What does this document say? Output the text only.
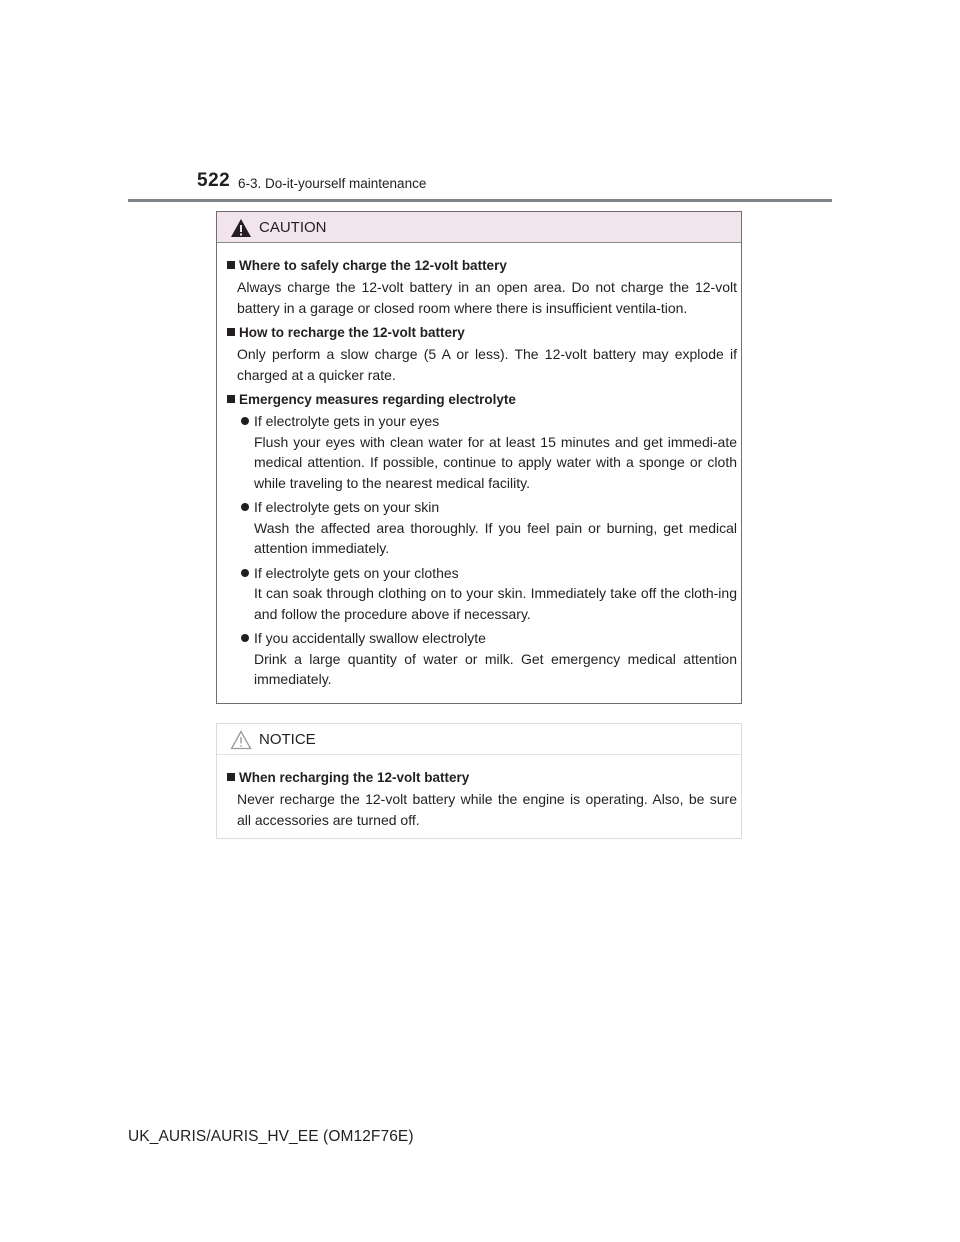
522 6-3. Do-it-yourself maintenance
CAUTION
Where to safely charge the 12-volt battery
Always charge the 12-volt battery in an open area. Do not charge the 12-volt battery in a garage or closed room where there is insufficient ventila-tion.
How to recharge the 12-volt battery
Only perform a slow charge (5 A or less). The 12-volt battery may explode if charged at a quicker rate.
Emergency measures regarding electrolyte
If electrolyte gets in your eyes
Flush your eyes with clean water for at least 15 minutes and get immedi-ate medical attention. If possible, continue to apply water with a sponge or cloth while traveling to the nearest medical facility.
If electrolyte gets on your skin
Wash the affected area thoroughly. If you feel pain or burning, get medical attention immediately.
If electrolyte gets on your clothes
It can soak through clothing on to your skin. Immediately take off the cloth-ing and follow the procedure above if necessary.
If you accidentally swallow electrolyte
Drink a large quantity of water or milk. Get emergency medical attention immediately.
NOTICE
When recharging the 12-volt battery
Never recharge the 12-volt battery while the engine is operating. Also, be sure all accessories are turned off.
UK_AURIS/AURIS_HV_EE (OM12F76E)
